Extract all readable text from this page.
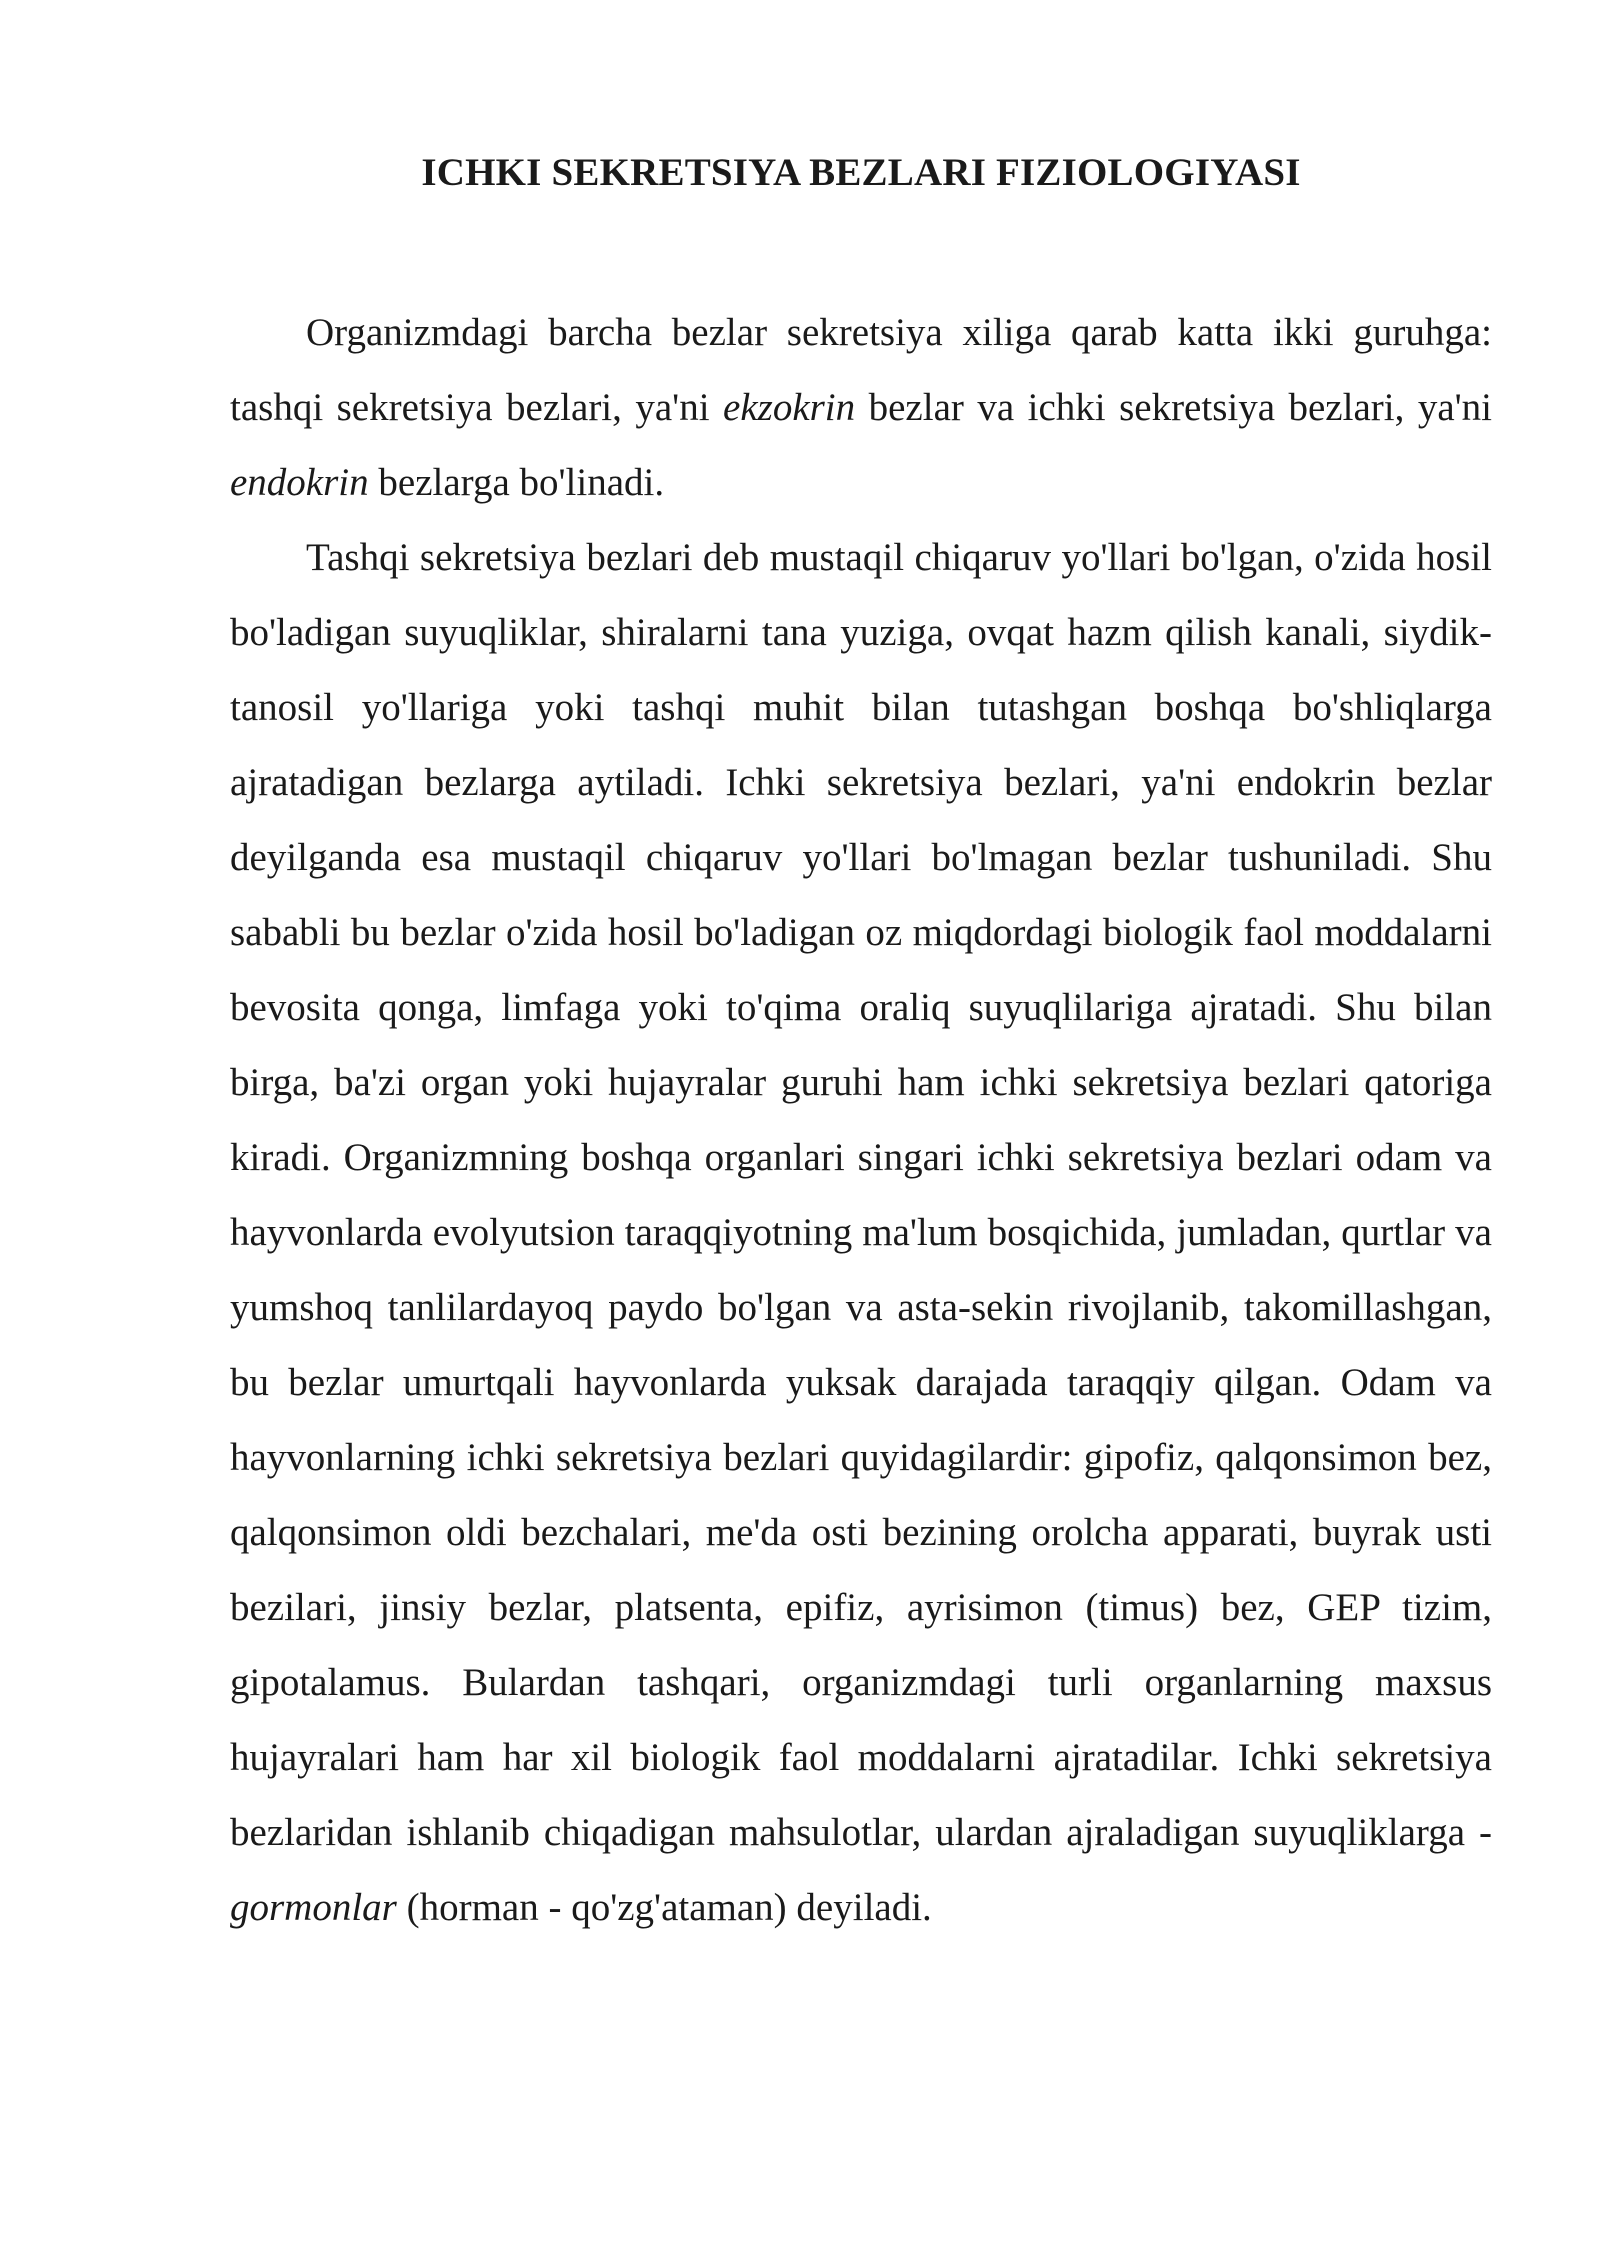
ICHKI SEKRETSIYA BEZLARI FIZIOLOGIYASI

Organizmdagi barcha bezlar sekretsiya xiliga qarab katta ikki guruhga: tashqi sekretsiya bezlari, ya'ni ekzokrin bezlar va ichki sekretsiya bezlari, ya'ni endokrin bezlarga bo'linadi.

Tashqi sekretsiya bezlari deb mustaqil chiqaruv yo'llari bo'lgan, o'zida hosil bo'ladigan suyuqliklar, shiralarni tana yuziga, ovqat hazm qilish kanali, siydik-tanosil yo'llariga yoki tashqi muhit bilan tutashgan boshqa bo'shliqlarga ajratadigan bezlarga aytiladi. Ichki sekretsiya bezlari, ya'ni endokrin bezlar deyilganda esa mustaqil chiqaruv yo'llari bo'lmagan bezlar tushuniladi. Shu sababli bu bezlar o'zida hosil bo'ladigan oz miqdordagi biologik faol moddalarni bevosita qonga, limfaga yoki to'qima oraliq suyuqlilariga ajratadi. Shu bilan birga, ba'zi organ yoki hujayralar guruhi ham ichki sekretsiya bezlari qatoriga kiradi. Organizmning boshqa organlari singari ichki sekretsiya bezlari odam va hayvonlarda evolyutsion taraqqiyotning ma'lum bosqichida, jumladan, qurtlar va yumshoq tanlilardayoq paydo bo'lgan va asta-sekin rivojlanib, takomillashgan, bu bezlar umurtqali hayvonlarda yuksak darajada taraqqiy qilgan. Odam va hayvonlarning ichki sekretsiya bezlari quyidagilardir: gipofiz, qalqonsimon bez, qalqonsimon oldi bezchalari, me'da osti bezining orolcha apparati, buyrak usti bezilari, jinsiy bezlar, platsenta, epifiz, ayrisimon (timus) bez, GEP tizim, gipotalamus. Bulardan tashqari, organizmdagi turli organlarning maxsus hujayralari ham har xil biologik faol moddalarni ajratadilar. Ichki sekretsiya bezlaridan ishlanib chiqadigan mahsulotlar, ulardan ajraladigan suyuqliklarga - gormonlar (horman - qo'zg'ataman) deyiladi.
